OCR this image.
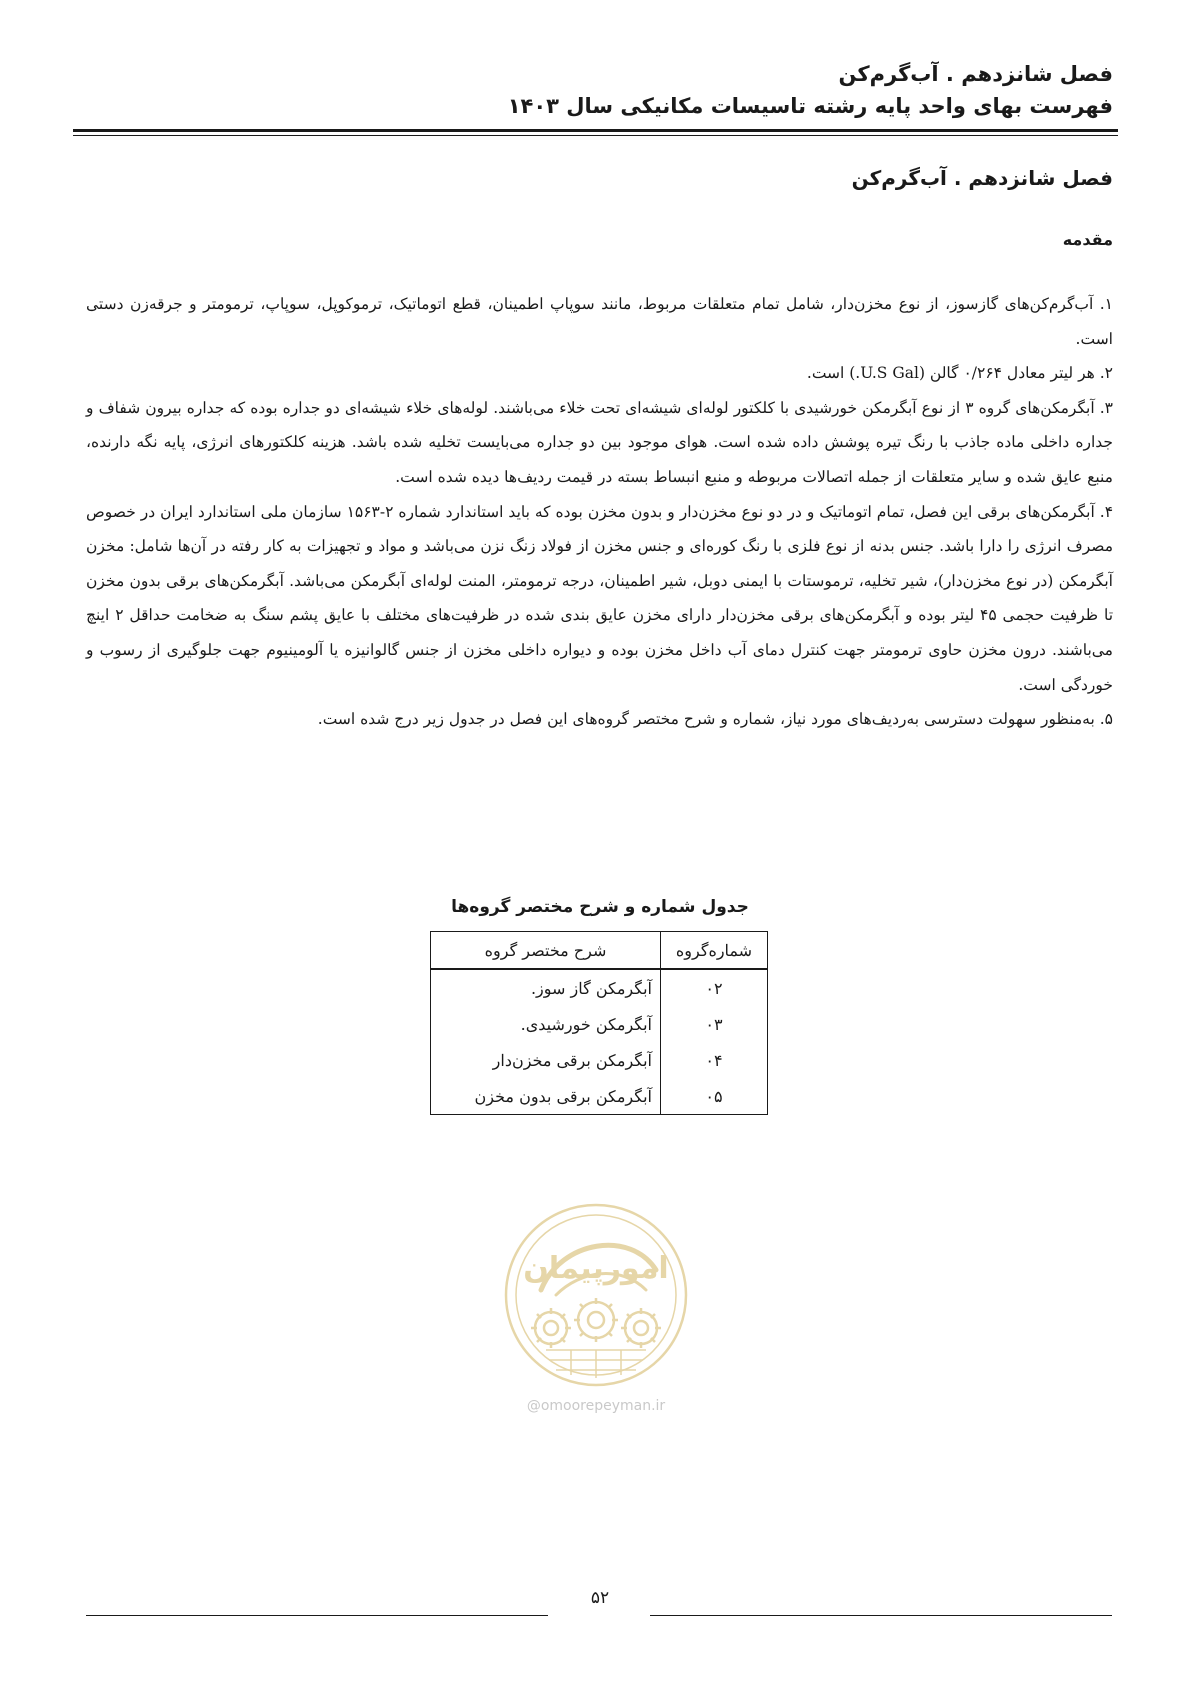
فصل شانزدهم . آب‌گرم‌کن
فهرست بهای واحد پایه رشته تاسیسات مکانیکی سال ۱۴۰۳
فصل شانزدهم . آب‌گرم‌کن
مقدمه

۱. آب‌گرم‌کن‌های گازسوز، از نوع مخزن‌دار، شامل تمام متعلقات مربوط، مانند سوپاپ اطمینان، قطع اتوماتیک، ترموکوپل، سوپاپ، ترمومتر و جرقه‌زن دستی است.

۲. هر لیتر معادل ۰/۲۶۴ گالن (U.S Gal.) است.

۳. آبگرمکن‌های گروه ۳ از نوع آبگرمکن خورشیدی با کلکتور لوله‌ای شیشه‌ای تحت خلاء می‌باشند. لوله‌های خلاء شیشه‌ای دو جداره بوده که جداره بیرون شفاف و جداره داخلی ماده جاذب با رنگ تیره پوشش داده شده است. هوای موجود بین دو جداره می‌بایست تخلیه شده باشد. هزینه کلکتورهای انرژی، پایه نگه دارنده، منبع عایق شده و سایر متعلقات از جمله اتصالات مربوطه و منبع انبساط بسته در قیمت ردیف‌ها دیده شده است.

۴. آبگرمکن‌های برقی این فصل، تمام اتوماتیک و در دو نوع مخزن‌دار و بدون مخزن بوده که باید استاندارد شماره ۲-۱۵۶۳ سازمان ملی استاندارد ایران در خصوص مصرف انرژی را دارا باشد. جنس بدنه از نوع فلزی با رنگ کوره‌ای و جنس مخزن از فولاد زنگ نزن می‌باشد و مواد و تجهیزات به کار رفته در آن‌ها شامل: مخزن آبگرمکن (در نوع مخزن‌دار)، شیر تخلیه، ترموستات با ایمنی دوبل، شیر اطمینان، درجه ترمومتر، المنت لوله‌ای آبگرمکن می‌باشد. آبگرمکن‌های برقی بدون مخزن تا ظرفیت حجمی ۴۵ لیتر بوده و آبگرمکن‌های برقی مخزن‌دار دارای مخزن عایق بندی شده در ظرفیت‌های مختلف با عایق پشم سنگ به ضخامت حداقل ۲ اینچ می‌باشند. درون مخزن حاوی ترمومتر جهت کنترل دمای آب داخل مخزن بوده و دیواره داخلی مخزن از جنس گالوانیزه یا آلومینیوم جهت جلوگیری از رسوب و خوردگی است.

۵. به‌منظور سهولت دسترسی به‌ردیف‌های مورد نیاز، شماره و شرح مختصر گروه‌های این فصل در جدول زیر درج شده است.

جدول شماره و شرح مختصر گروه‌ها
شماره‌گروه	شرح مختصر گروه
۰۲	آبگرمکن گاز سوز.
۰۳	آبگرمکن خورشیدی.
۰۴	آبگرمکن برقی مخزن‌دار
۰۵	آبگرمکن برقی بدون مخزن
امورپیمان
@omoorepeyman.ir
۵۲
